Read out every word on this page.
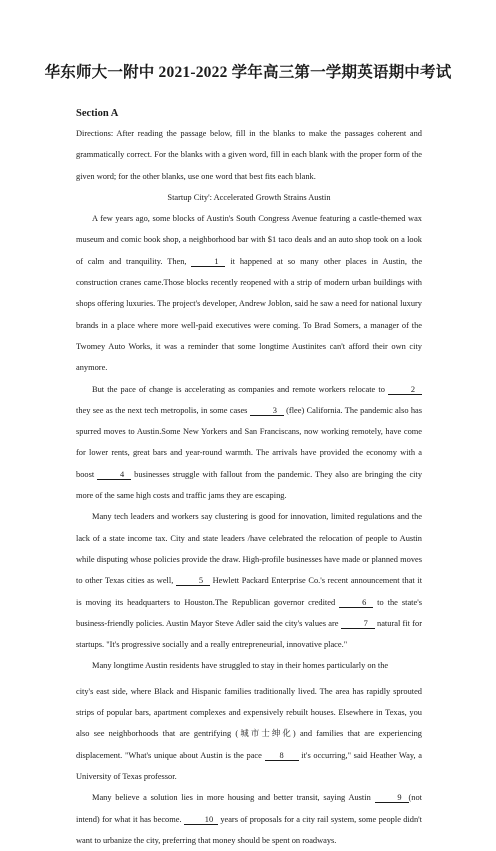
华东师大一附中 2021-2022 学年高三第一学期英语期中考试
Section A

Directions: After reading the passage below, fill in the blanks to make the passages coherent and grammatically correct. For the blanks with a given word, fill in each blank with the proper form of the given word; for the other blanks, use one word that best fits each blank.

Startup City': Accelerated Growth Strains Austin

A few years ago, some blocks of Austin's South Congress Avenue featuring a castle-themed wax museum and comic book shop, a neighborhood bar with $1 taco deals and an auto shop took on a look of calm and tranquility. Then,	1 it happened at so many other places in Austin, the construction cranes came.Those blocks recently reopened with a strip of modern urban buildings with shops offering luxuries. The project's developer, Andrew Joblon, said he saw a need for national luxury brands in a place where more well-paid executives were coming. To Brad Somers, a manager of the Twomey Auto Works, it was a reminder that some longtime Austinites can't afford their own city anymore.

But the pace of change is accelerating as companies and remote workers relocate to	2 they see as the next tech metropolis, in some cases	3 (flee) California. The pandemic also has spurred moves to Austin.Some New Yorkers and San Franciscans, now working remotely, have come for lower rents, great bars and year-round warmth. The arrivals have provided the economy with a boost	4 businesses struggle with fallout from the pandemic. They also are bringing the city more of the same high costs and traffic jams they are escaping.

Many tech leaders and workers say clustering is good for innovation, limited regulations and the lack of a state income tax. City and state leaders /have celebrated the relocation of people to Austin while disputing whose policies provide the draw. High-profile businesses have made or planned moves to other Texas cities as well,	5 Hewlett Packard Enterprise Co.'s recent announcement that it is moving its headquarters to Houston.The Republican governor credited	6 to the state's business-friendly policies. Austin Mayor Steve Adler said the city's values are	7 natural fit for startups. "It's progressive socially and a really entrepreneurial, innovative place."

Many longtime Austin residents have struggled to stay in their homes particularly on the

city's east side, where Black and Hispanic families traditionally lived. The area has rapidly sprouted strips of popular bars, apartment complexes and expensively rebuilt houses. Elsewhere in Texas, you also see neighborhoods that are gentrifying (城市士绅化) and families that are experiencing displacement. "What's unique about Austin is the pace 8 it's occurring," said Heather Way, a University of Texas professor.

Many believe a solution lies in more housing and better transit, saying Austin	9 (not intend) for what it has become.	10 years of proposals for a city rail system, some people didn't want to urbanize the city, preferring that money should be spent on roadways.
